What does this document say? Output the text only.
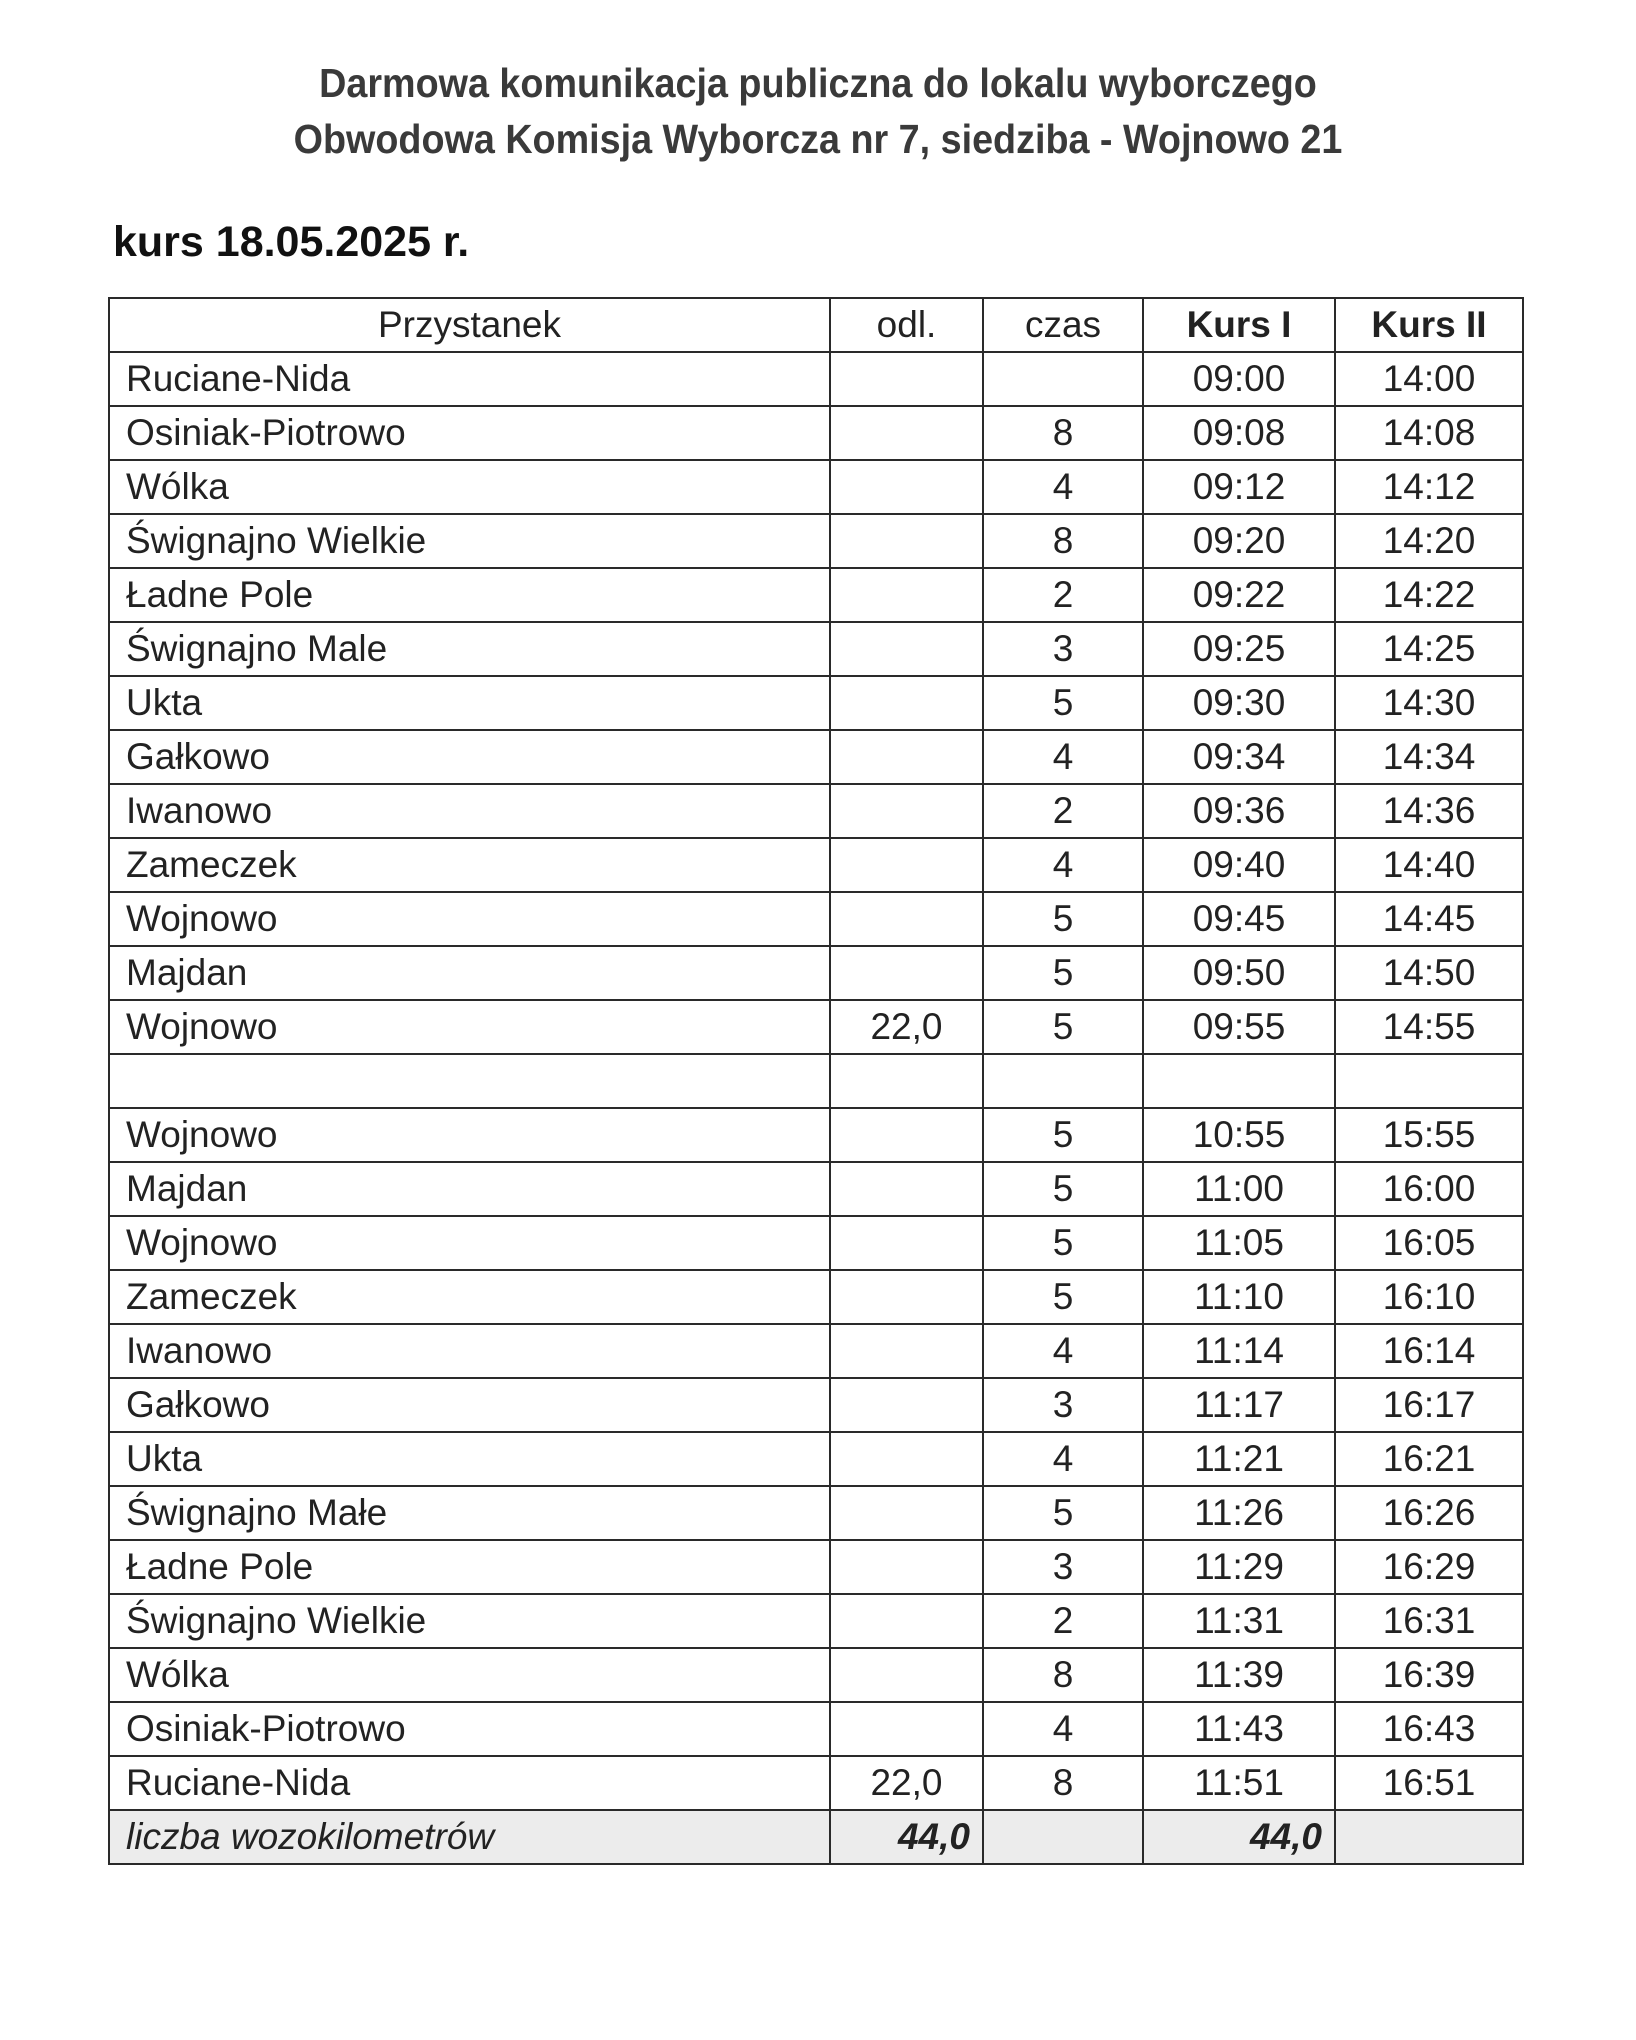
Darmowa komunikacja publiczna do lokalu wyborczego
Obwodowa Komisja Wyborcza nr 7, siedziba - Wojnowo 21
kurs 18.05.2025 r.
Przystanek	odl.	czas	Kurs I	Kurs II
Ruciane-Nida			09:00	14:00
Osiniak-Piotrowo		8	09:08	14:08
Wólka		4	09:12	14:12
Śwignajno Wielkie		8	09:20	14:20
Ładne Pole		2	09:22	14:22
Śwignajno Male		3	09:25	14:25
Ukta		5	09:30	14:30
Gałkowo		4	09:34	14:34
Iwanowo		2	09:36	14:36
Zameczek		4	09:40	14:40
Wojnowo		5	09:45	14:45
Majdan		5	09:50	14:50
Wojnowo	22,0	5	09:55	14:55

Wojnowo		5	10:55	15:55
Majdan		5	11:00	16:00
Wojnowo		5	11:05	16:05
Zameczek		5	11:10	16:10
Iwanowo		4	11:14	16:14
Gałkowo		3	11:17	16:17
Ukta		4	11:21	16:21
Śwignajno Małe		5	11:26	16:26
Ładne Pole		3	11:29	16:29
Śwignajno Wielkie		2	11:31	16:31
Wólka		8	11:39	16:39
Osiniak-Piotrowo		4	11:43	16:43
Ruciane-Nida	22,0	8	11:51	16:51
liczba wozokilometrów	44,0		44,0	
